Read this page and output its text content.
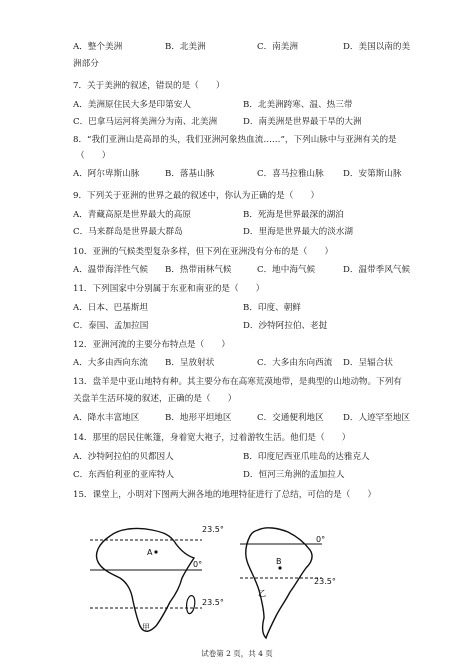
A．整个美洲	B．北美洲	C．南美洲	D．美国以南的美
洲部分
7．关于美洲的叙述，错误的是（　　）
A．美洲原住民大多是印第安人	B．北美洲跨寒、温、热三带
C．巴拿马运河将美洲分为南、北美洲	D．南美洲是世界最干旱的大洲
8．“我们亚洲山是高昂的头，我们亚洲河象热血流……”，下列山脉中与亚洲有关的是
（　　）
A．阿尔卑斯山脉	B．落基山脉	C．喜马拉雅山脉 D．安第斯山脉
9．下列关于亚洲的世界之最的叙述中，你认为正确的是（　　）
A．青藏高原是世界最大的高原	B．死海是世界最深的湖泊
C．马来群岛是世界最大群岛	D．里海是世界最大的淡水湖
10．亚洲的气候类型复杂多样，但下列在亚洲没有分布的是（　　）
A．温带海洋性气候 B．热带雨林气候	C．地中海气候	D．温带季风气候
11．下列国家中分别属于东亚和南亚的是（　　）
A．日本、巴基斯坦	B．印度、朝鲜
C．泰国、孟加拉国	D．沙特阿拉伯、老挝
12．亚洲河流的主要分布特点是（　　）
A．大多由西向东流 B．呈放射状	C．大多由东向西流 D．呈辐合状
13．盘羊是中亚山地特有种。其主要分布在高寒荒漠地带，是典型的山地动物。下列有
关盘羊生活环境的叙述，正确的是（　　）
A．降水丰富地区	B．地形平坦地区	C．交通便利地区 D．人迹罕至地区
14．那里的居民住帐篷，身着宽大袍子，过着游牧生活。他们是（　　）
A．沙特阿拉伯的贝都因人	B．印度尼西亚爪哇岛的达雅克人
C．东西伯利亚的亚库特人	D．恒河三角洲的孟加拉人
15．课堂上，小明对下图两大洲各地的地理特征进行了总结，可信的是（　　）
A
23.5°
0°
23.5°
甲
B
0°
23.5°
乙
试卷第 2 页，共 4 页
